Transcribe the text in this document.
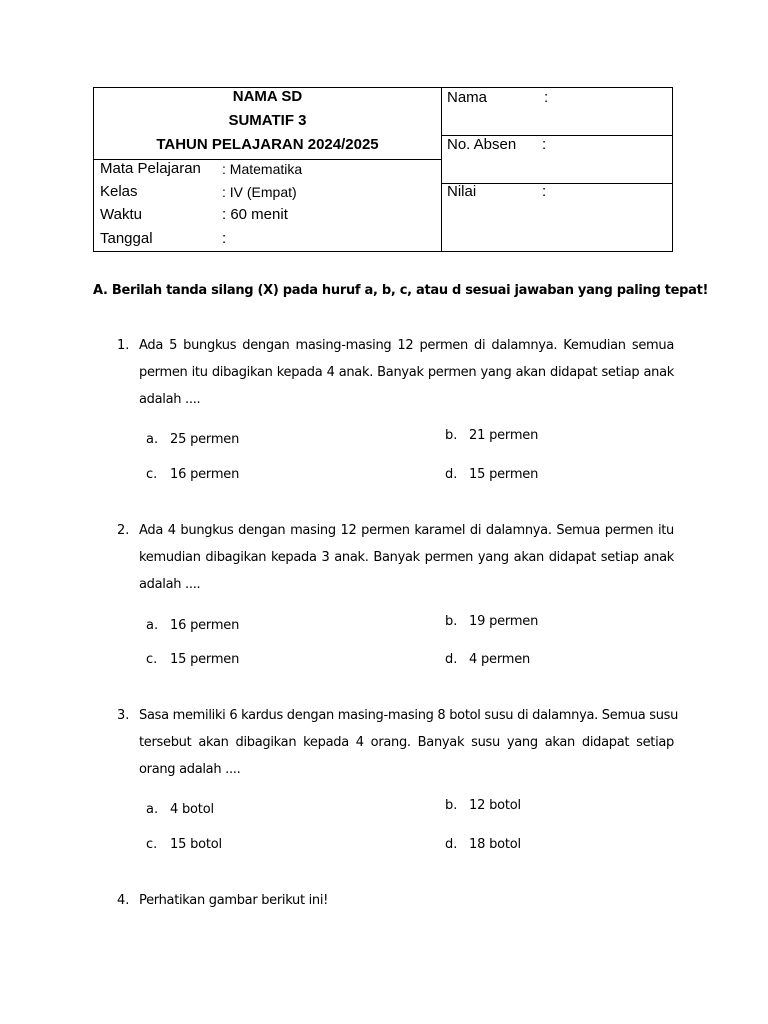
NAMA SD
SUMATIF 3
TAHUN PELAJARAN 2024/2025
Mata Pelajaran : Matematika
Kelas	: IV (Empat)
Waktu	: 60 menit
Tanggal	:
Nama	:
No. Absen :
Nilai	:
A. Berilah tanda silang (X) pada huruf a, b, c, atau d sesuai jawaban yang paling tepat!
1. Ada 5 bungkus dengan masing-masing 12 permen di dalamnya. Kemudian semua
permen itu dibagikan kepada 4 anak. Banyak permen yang akan didapat setiap anak
adalah ....
a. 25 permen	b. 21 permen
c. 16 permen	d. 15 permen
2. Ada 4 bungkus dengan masing 12 permen karamel di dalamnya. Semua permen itu
kemudian dibagikan kepada 3 anak. Banyak permen yang akan didapat setiap anak
adalah ....
a. 16 permen	b. 19 permen
c. 15 permen	d. 4 permen
3. Sasa memiliki 6 kardus dengan masing-masing 8 botol susu di dalamnya. Semua susu
tersebut akan dibagikan kepada 4 orang. Banyak susu yang akan didapat setiap
orang adalah ....
a. 4 botol	b. 12 botol
c. 15 botol	d. 18 botol
4. Perhatikan gambar berikut ini!
